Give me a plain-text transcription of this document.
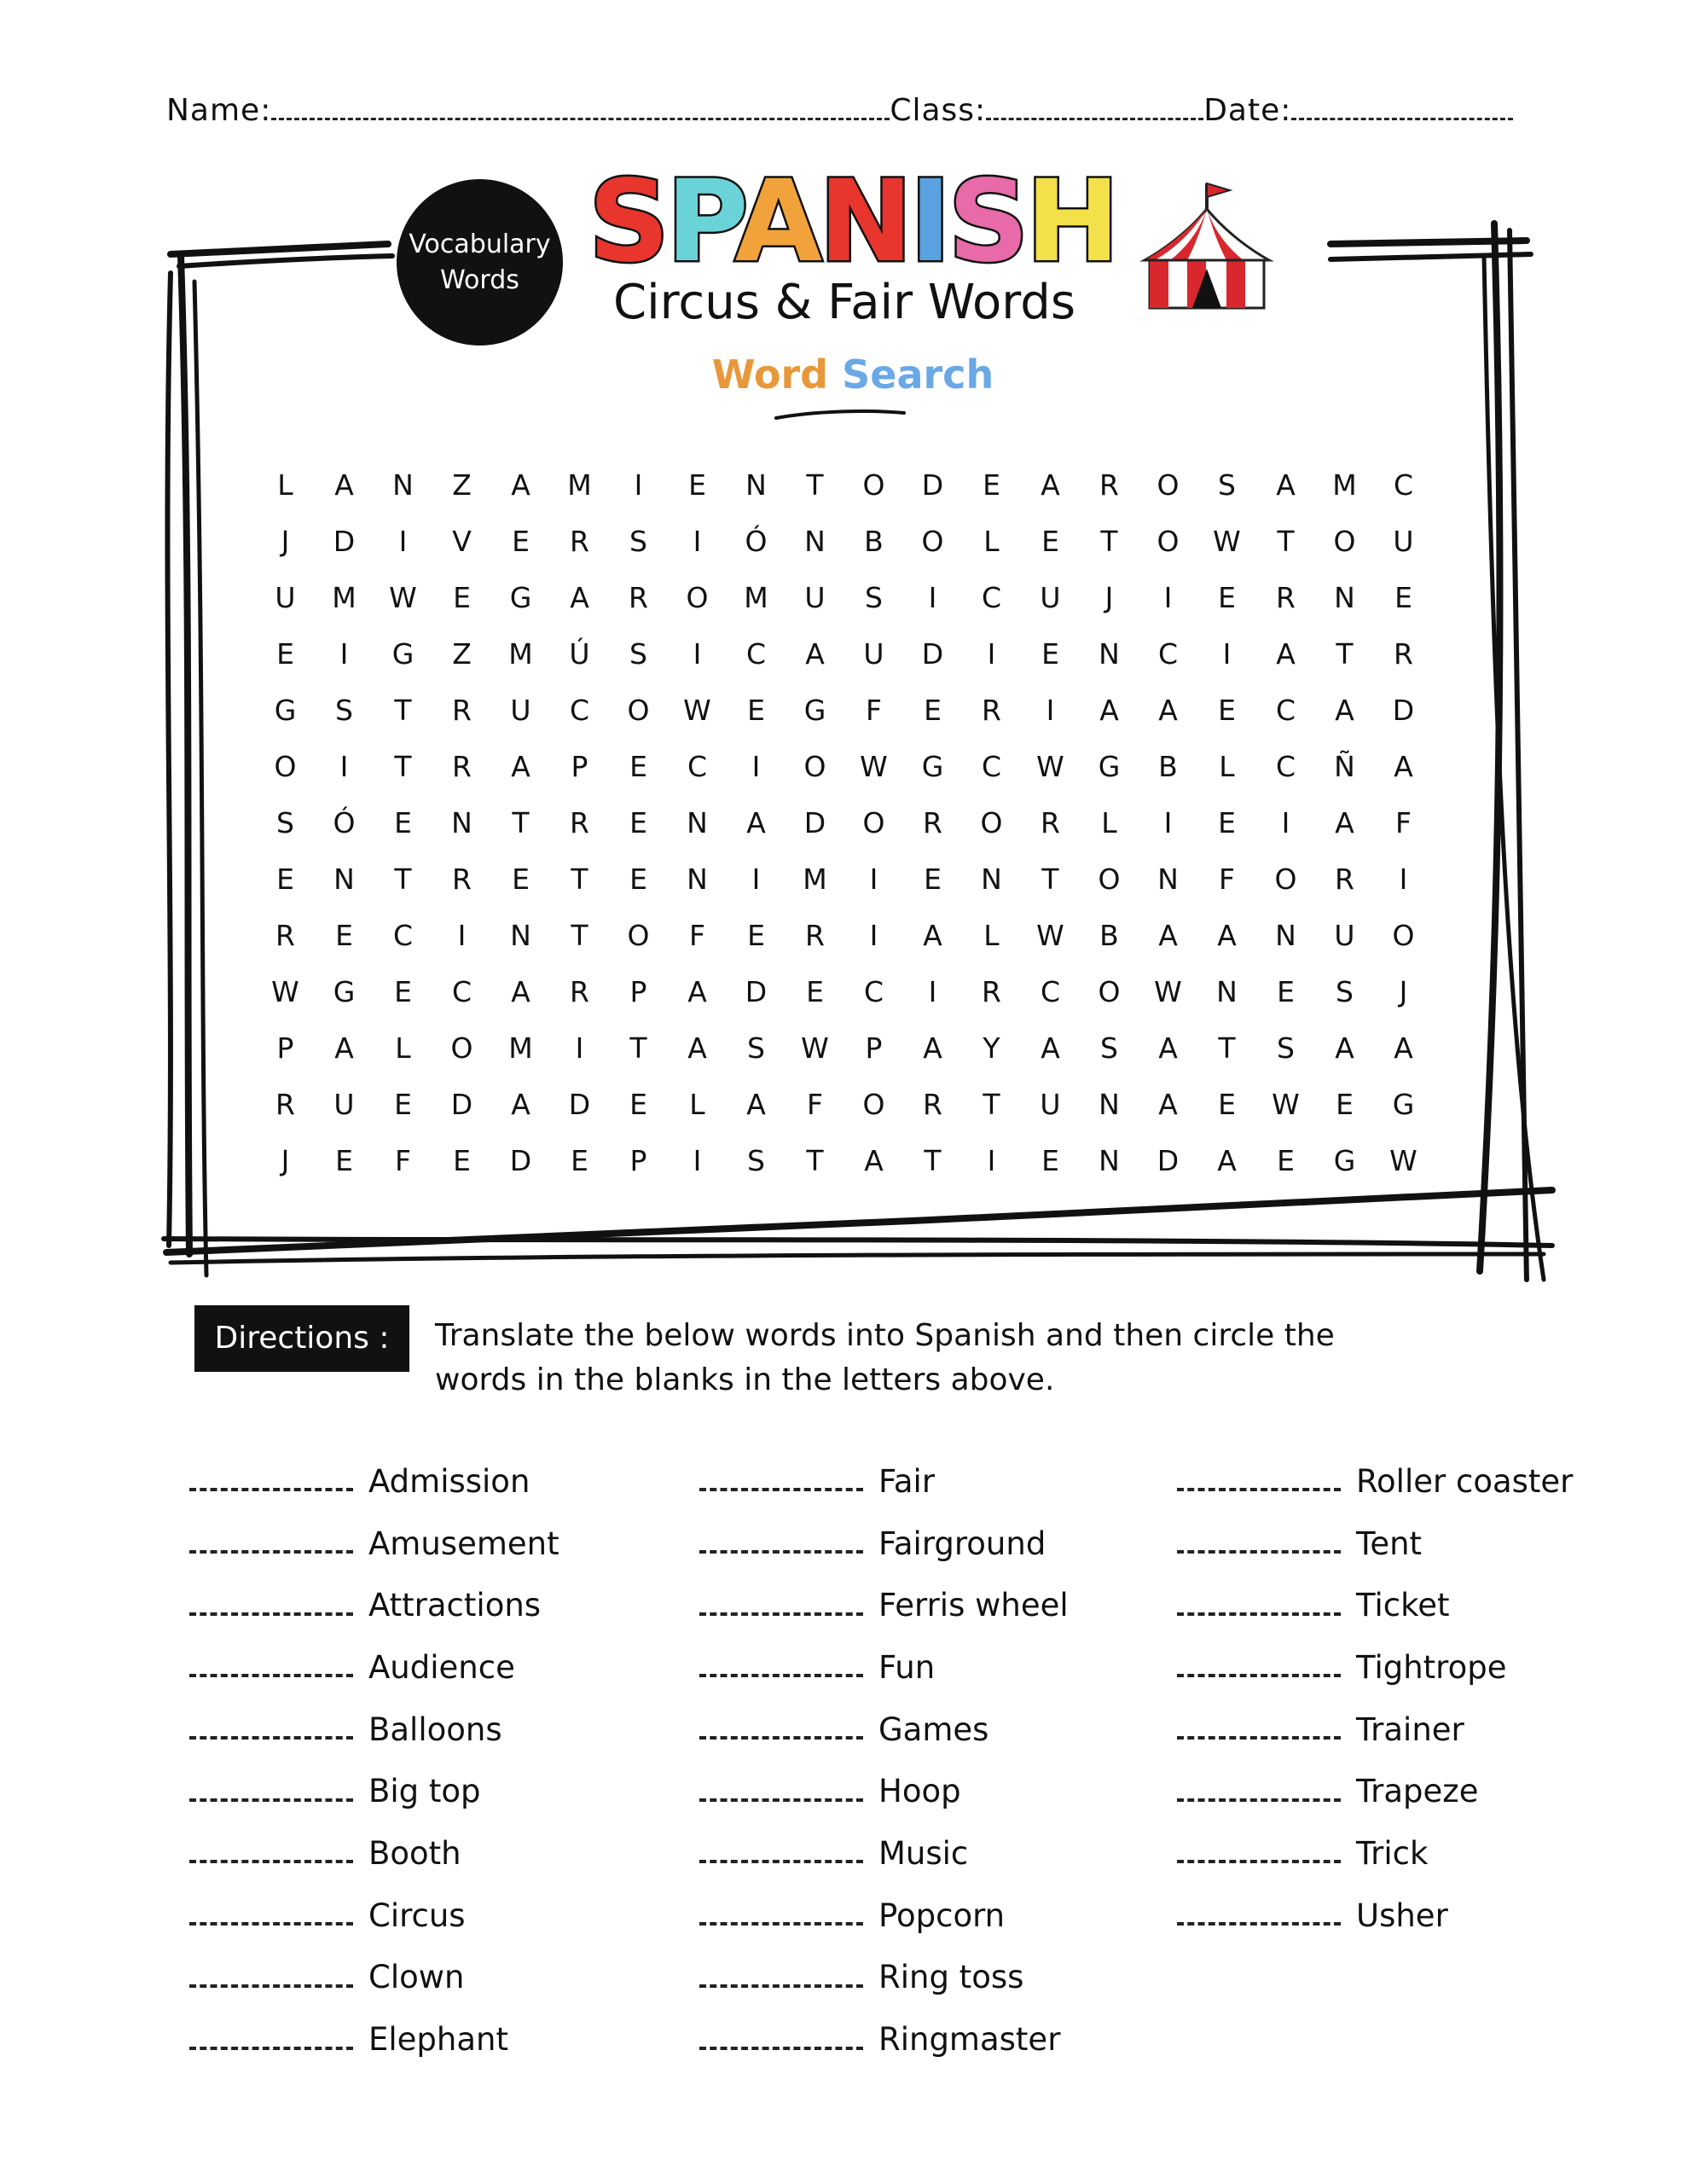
Name:	Class:	Date:
Vocabulary
Words SPANISH
Circus & Fair Words
Word Search
L	A	N	Z	A	M	I	E	N	T	O	D	E	A	R	O	S	A	M	C
J	D	I	V	E	R	S	I	Ó	N	B	O	L	E	T	O	W	T	O	U
U	M	W	E	G	A	R	O	M	U	S	I	C	U	J	I	E	R	N	E
E	I	G	Z	M	Ú	S	I	C	A	U	D	I	E	N	C	I	A	T	R
G	S	T	R	U	C	O	W	E	G	F	E	R	I	A	A	E	C	A	D
O	I	T	R	A	P	E	C	I	O	W	G	C	W	G	B	L	C	Ñ	A
S	Ó	E	N	T	R	E	N	A	D	O	R	O	R	L	I	E	I	A	F
E	N	T	R	E	T	E	N	I	M	I	E	N	T	O	N	F	O	R	I
R	E	C	I	N	T	O	F	E	R	I	A	L	W	B	A	A	N	U	O
W	G	E	C	A	R	P	A	D	E	C	I	R	C	O	W	N	E	S	J
P	A	L	O	M	I	T	A	S	W	P	A	Y	A	S	A	T	S	A	A
R	U	E	D	A	D	E	L	A	F	O	R	T	U	N	A	E	W	E	G
J	E	F	E	D	E	P	I	S	T	A	T	I	E	N	D	A	E	G	W
Directions :	Translate the below words into Spanish and then circle the words in the blanks in the letters above.
Admission
Amusement
Attractions
Audience
Balloons
Big top
Booth
Circus
Clown
Elephant
Fair
Fairground
Ferris wheel
Fun
Games
Hoop
Music
Popcorn
Ring toss
Ringmaster
Roller coaster
Tent
Ticket
Tightrope
Trainer
Trapeze
Trick
Usher
